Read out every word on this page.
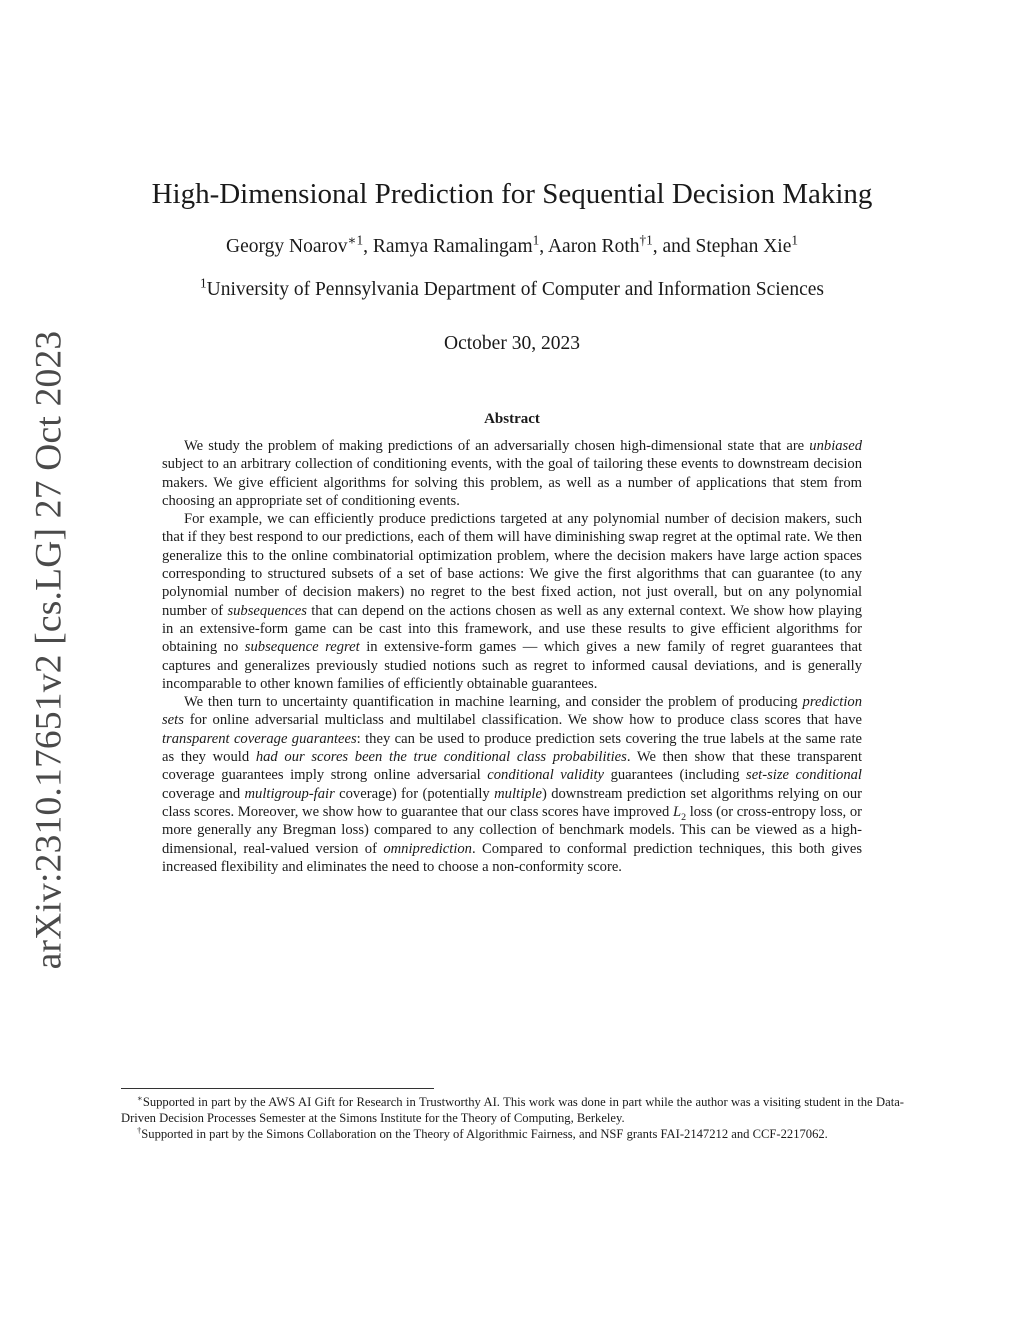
arXiv:2310.17651v2 [cs.LG] 27 Oct 2023
High-Dimensional Prediction for Sequential Decision Making
Georgy Noarov$^{∗1}$, Ramya Ramalingam$^1$, Aaron Roth$^{\dagger 1}$, and Stephan Xie$^1$
$^1$University of Pennsylvania Department of Computer and Information Sciences
October 30, 2023
Abstract

We study the problem of making predictions of an adversarially chosen high-dimensional state that are unbiased subject to an arbitrary collection of conditioning events, with the goal of tailoring these events to downstream decision makers. We give efficient algorithms for solving this problem, as well as a number of applications that stem from choosing an appropriate set of conditioning events.

For example, we can efficiently produce predictions targeted at any polynomial number of decision makers, such that if they best respond to our predictions, each of them will have diminishing swap regret at the optimal rate. We then generalize this to the online combinatorial optimization problem, where the decision makers have large action spaces corresponding to structured subsets of a set of base actions: We give the first algorithms that can guarantee (to any polynomial number of decision makers) no regret to the best fixed action, not just overall, but on any polynomial number of subsequences that can depend on the actions chosen as well as any external context. We show how playing in an extensive-form game can be cast into this framework, and use these results to give efficient algorithms for obtaining no subsequence regret in extensive-form games — which gives a new family of regret guarantees that captures and generalizes previously studied notions such as regret to informed causal deviations, and is generally incomparable to other known families of efficiently obtainable guarantees.

We then turn to uncertainty quantification in machine learning, and consider the problem of producing prediction sets for online adversarial multiclass and multilabel classification. We show how to produce class scores that have transparent coverage guarantees: they can be used to produce prediction sets covering the true labels at the same rate as they would had our scores been the true conditional class probabilities. We then show that these transparent coverage guarantees imply strong online adversarial conditional validity guarantees (including set-size conditional coverage and multigroup-fair coverage) for (potentially multiple) downstream prediction set algorithms relying on our class scores. Moreover, we show how to guarantee that our class scores have improved $L_2$ loss (or cross-entropy loss, or more generally any Bregman loss) compared to any collection of benchmark models. This can be viewed as a high-dimensional, real-valued version of omniprediction. Compared to conformal prediction techniques, this both gives increased flexibility and eliminates the need to choose a non-conformity score.

∗Supported in part by the AWS AI Gift for Research in Trustworthy AI. This work was done in part while the author was a visiting student in the Data-Driven Decision Processes Semester at the Simons Institute for the Theory of Computing, Berkeley.

†Supported in part by the Simons Collaboration on the Theory of Algorithmic Fairness, and NSF grants FAI-2147212 and CCF-2217062.
